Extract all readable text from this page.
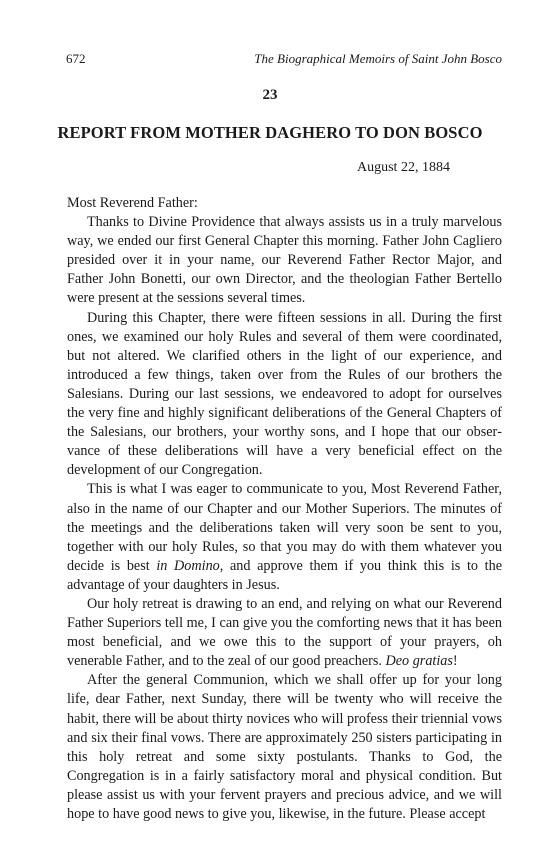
672	The Biographical Memoirs of Saint John Bosco
23
REPORT FROM MOTHER DAGHERO TO DON BOSCO
August 22, 1884

Most Reverend Father:

Thanks to Divine Providence that always assists us in a truly marvelous way, we ended our first General Chapter this morning. Father John Cagliero presided over it in your name, our Reverend Father Rector Major, and Father John Bonetti, our own Director, and the theologian Father Bertello were present at the sessions several times.

During this Chapter, there were fifteen sessions in all. During the first ones, we examined our holy Rules and several of them were coordinated, but not altered. We clarified others in the light of our experience, and introduced a few things, taken over from the Rules of our brothers the Salesians. During our last sessions, we endeavored to adopt for ourselves the very fine and highly significant deliberations of the General Chapters of the Salesians, our brothers, your worthy sons, and I hope that our observance of these deliberations will have a very beneficial effect on the development of our Congregation.

This is what I was eager to communicate to you, Most Reverend Father, also in the name of our Chapter and our Mother Superiors. The minutes of the meetings and the deliberations taken will very soon be sent to you, together with our holy Rules, so that you may do with them whatever you decide is best in Domino, and approve them if you think this is to the advantage of your daughters in Jesus.

Our holy retreat is drawing to an end, and relying on what our Reverend Father Superiors tell me, I can give you the comforting news that it has been most beneficial, and we owe this to the support of your prayers, oh venerable Father, and to the zeal of our good preachers. Deo gratias!

After the general Communion, which we shall offer up for your long life, dear Father, next Sunday, there will be twenty who will receive the habit, there will be about thirty novices who will profess their triennial vows and six their final vows. There are approximately 250 sisters participating in this holy retreat and some sixty postulants. Thanks to God, the Congregation is in a fairly satisfactory moral and physical condition. But please assist us with your fervent prayers and precious advice, and we will hope to have good news to give you, likewise, in the future. Please accept
